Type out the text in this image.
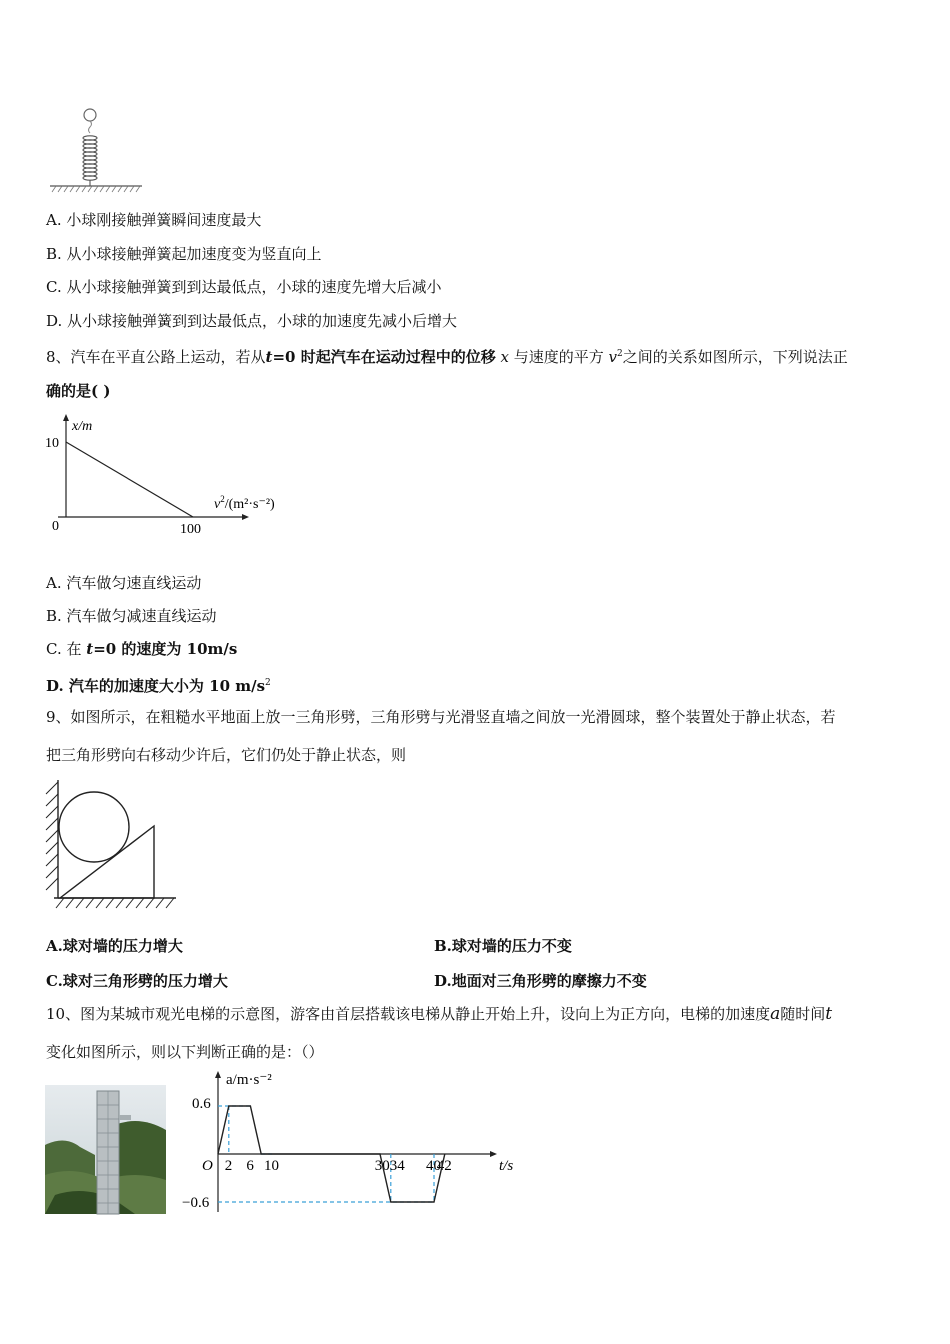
A. 小球刚接触弹簧瞬间速度最大
B. 从小球接触弹簧起加速度变为竖直向上
C. 从小球接触弹簧到到达最低点，小球的速度先增大后减小
D. 从小球接触弹簧到到达最低点，小球的加速度先减小后增大
8、汽车在平直公路上运动，若从t=0 时起汽车在运动过程中的位移 x 与速度的平方 $v^2$之间的关系如图所示，下列说法正
确的是( )
x/m
10
0	100
$v^2/(m^2\cdot s^{-2})$
A. 汽车做匀速直线运动
B. 汽车做匀减速直线运动
C. 在 t=0 的速度为 10m/s
D. 汽车的加速度大小为 10 $m/s^2$
9、如图所示，在粗糙水平地面上放一三角形劈，三角形劈与光滑竖直墙之间放一光滑圆球，整个装置处于静止状态，若
把三角形劈向右移动少许后，它们仍处于静止状态，则
A.球对墙的压力增大	B.球对墙的压力不变
C.球对三角形劈的压力增大	D.地面对三角形劈的摩擦力不变
10、图为某城市观光电梯的示意图，游客由首层搭载该电梯从静止开始上升，设向上为正方向，电梯的加速度a随时间t
变化如图所示，则以下判断正确的是：（）
a/m·s⁻²
0.6
−0.6
O	t/s
2 6 10	3034 40
42
